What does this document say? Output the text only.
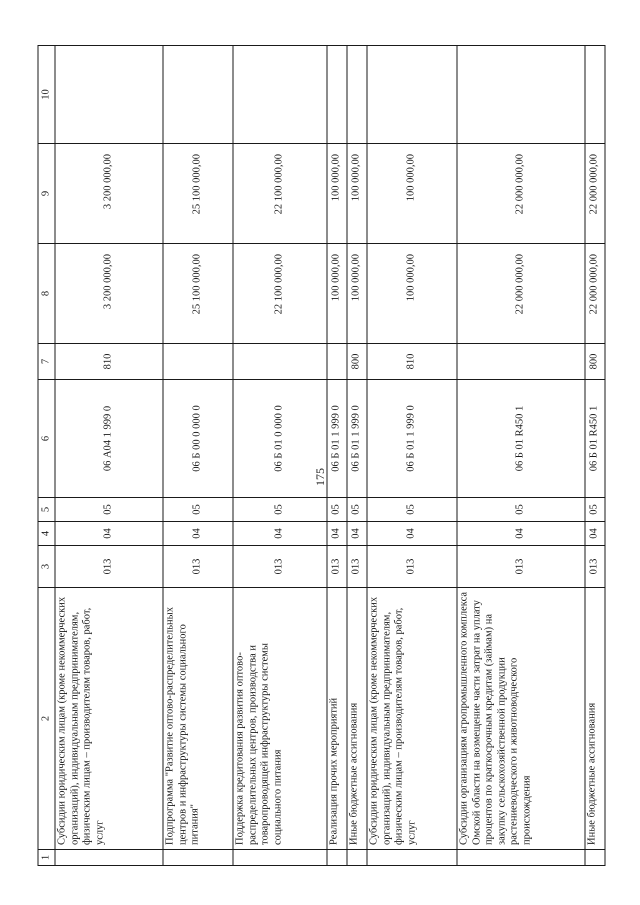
175
1	2	3	4	5	6	7	8	9	10
	Субсидии юридическим лицам (кроме некоммерческих организаций), индивидуальным предпринимателям, физическим лицам – производителям товаров, работ, услуг	013	04	05	06 А04 1 999 0	810	3 200 000,00	3 200 000,00	
	Подпрограмма "Развитие оптово-распределительных центров и инфраструктуры системы социального питания"	013	04	05	06 Б 00 0 000 0		25 100 000,00	25 100 000,00	
	Поддержка кредитования развития оптово-распределительных центров, производства и товаропроводящей инфраструктуры системы социального питания	013	04	05	06 Б 01 0 000 0		22 100 000,00	22 100 000,00	
	Реализация прочих мероприятий	013	04	05	06 Б 01 1 999 0		100 000,00	100 000,00	
	Иные бюджетные ассигнования	013	04	05	06 Б 01 1 999 0	800	100 000,00	100 000,00	
	Субсидии юридическим лицам (кроме некоммерческих организаций), индивидуальным предпринимателям, физическим лицам – производителям товаров, работ, услуг	013	04	05	06 Б 01 1 999 0	810	100 000,00	100 000,00	
	Субсидии организациям агропромышленного комплекса Омской области на возмещение части затрат на уплату процентов по краткосрочным кредитам (займам) на закупку сельскохозяйственной продукции растениеводческого и животноводческого происхождения	013	04	05	06 Б 01 R450 1		22 000 000,00	22 000 000,00	
	Иные бюджетные ассигнования	013	04	05	06 Б 01 R450 1	800	22 000 000,00	22 000 000,00	
